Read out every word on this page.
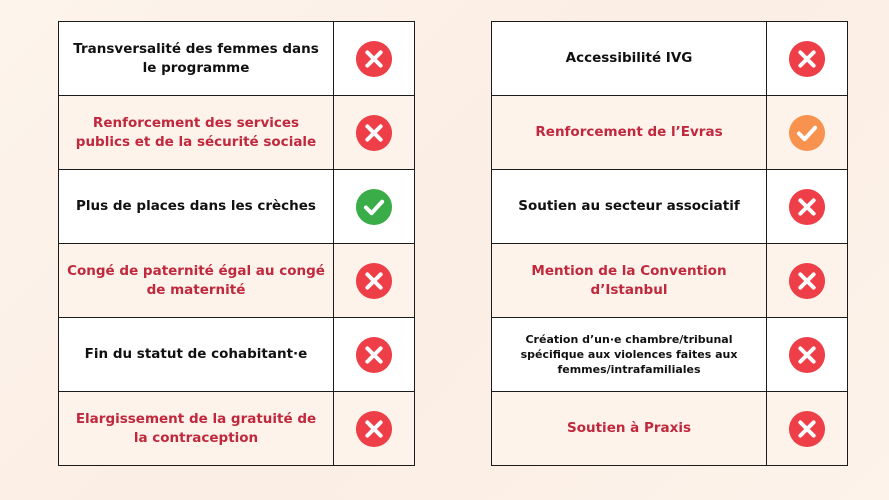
Transversalité des femmes dans le programme	
Renforcement des services publics et de la sécurité sociale	
Plus de places dans les crèches	
Congé de paternité égal au congé de maternité	
Fin du statut de cohabitant·e	
Elargissement de la gratuité de la contraception	
Accessibilité IVG	
Renforcement de l’Evras	
Soutien au secteur associatif	
Mention de la Convention d’Istanbul	
Création d’un·e chambre/tribunal spécifique aux violences faites aux femmes/intrafamiliales	
Soutien à Praxis	
